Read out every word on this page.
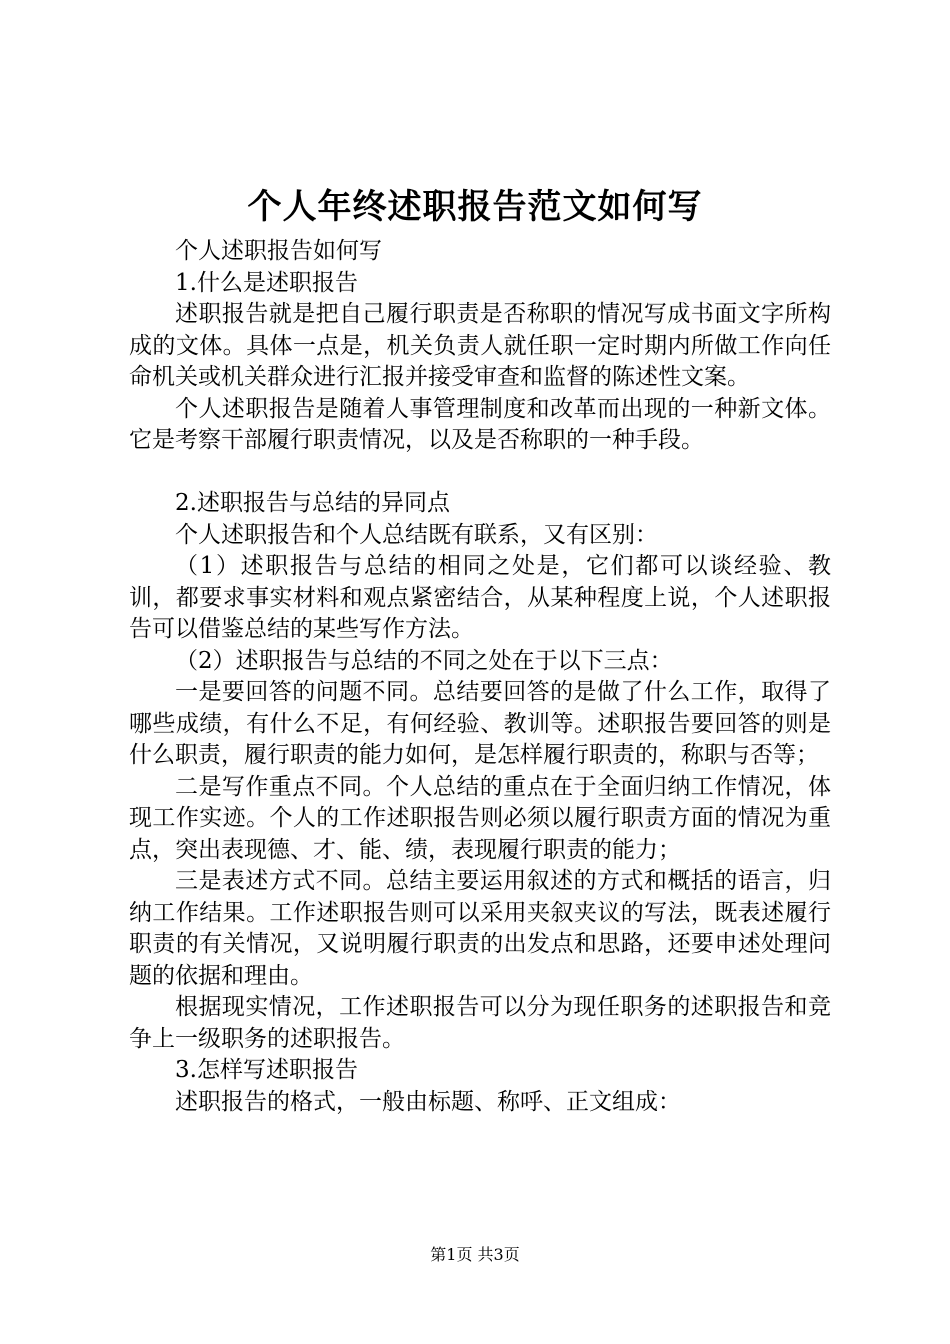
个人年终述职报告范文如何写

个人述职报告如何写

1.什么是述职报告

述职报告就是把自己履行职责是否称职的情况写成书面文字所构成的文体。具体一点是，机关负责人就任职一定时期内所做工作向任命机关或机关群众进行汇报并接受审查和监督的陈述性文案。

个人述职报告是随着人事管理制度和改革而出现的一种新文体。它是考察干部履行职责情况，以及是否称职的一种手段。

2.述职报告与总结的异同点

个人述职报告和个人总结既有联系，又有区别：

（1）述职报告与总结的相同之处是，它们都可以谈经验、教训，都要求事实材料和观点紧密结合，从某种程度上说，个人述职报告可以借鉴总结的某些写作方法。

（2）述职报告与总结的不同之处在于以下三点：

一是要回答的问题不同。总结要回答的是做了什么工作，取得了哪些成绩，有什么不足，有何经验、教训等。述职报告要回答的则是什么职责，履行职责的能力如何，是怎样履行职责的，称职与否等；

二是写作重点不同。个人总结的重点在于全面归纳工作情况，体现工作实迹。个人的工作述职报告则必须以履行职责方面的情况为重点，突出表现德、才、能、绩，表现履行职责的能力；

三是表述方式不同。总结主要运用叙述的方式和概括的语言，归纳工作结果。工作述职报告则可以采用夹叙夹议的写法，既表述履行职责的有关情况，又说明履行职责的出发点和思路，还要申述处理问题的依据和理由。

根据现实情况，工作述职报告可以分为现任职务的述职报告和竞争上一级职务的述职报告。

3.怎样写述职报告

述职报告的格式，一般由标题、称呼、正文组成：

第1页 共3页
